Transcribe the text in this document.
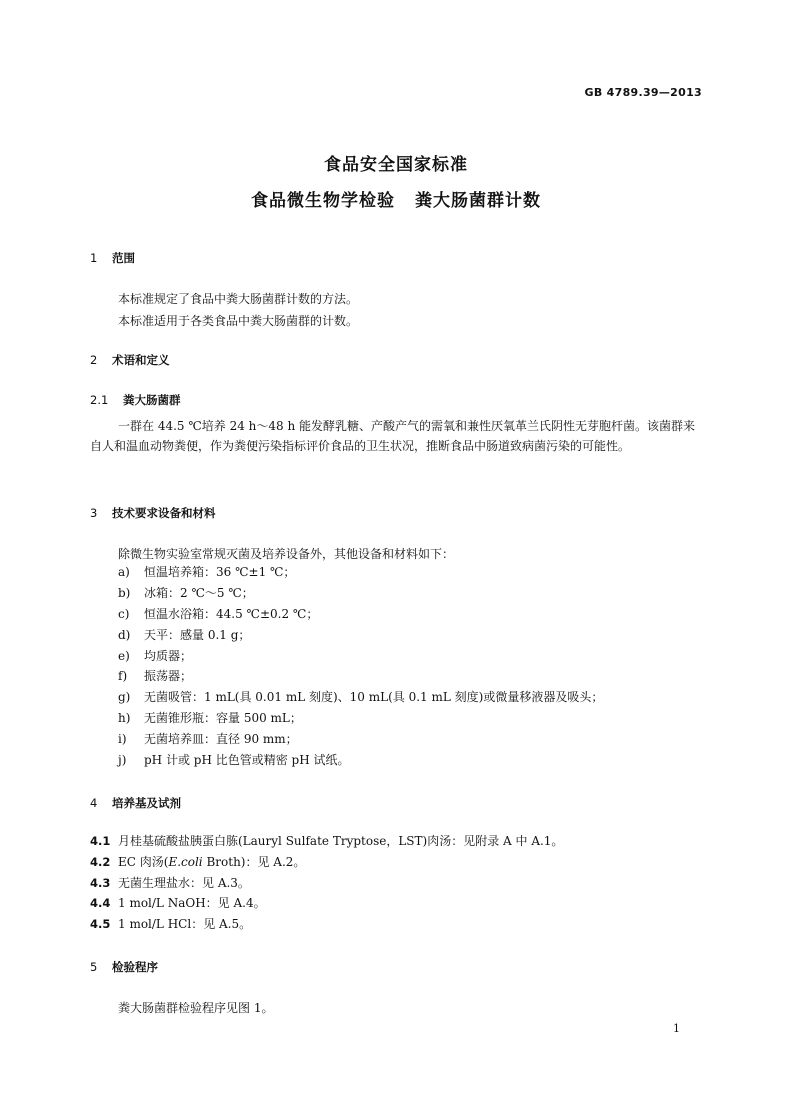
GB 4789.39—2013
食品安全国家标准
食品微生物学检验 粪大肠菌群计数
1 范围
本标准规定了食品中粪大肠菌群计数的方法。
本标准适用于各类食品中粪大肠菌群的计数。
2 术语和定义
2.1 粪大肠菌群
一群在 44.5 ℃培养 24 h～48 h 能发酵乳糖、产酸产气的需氧和兼性厌氧革兰氏阴性无芽胞杆菌。该菌群来自人和温血动物粪便，作为粪便污染指标评价食品的卫生状况，推断食品中肠道致病菌污染的可能性。
3 技术要求设备和材料
除微生物实验室常规灭菌及培养设备外，其他设备和材料如下：
a) 恒温培养箱：36 ℃±1 ℃；
b) 冰箱：2 ℃～5 ℃；
c) 恒温水浴箱：44.5 ℃±0.2 ℃；
d) 天平：感量 0.1 g；
e) 均质器；
f) 振荡器；
g) 无菌吸管：1 mL(具 0.01 mL 刻度)、10 mL(具 0.1 mL 刻度)或微量移液器及吸头；
h) 无菌锥形瓶：容量 500 mL；
i) 无菌培养皿：直径 90 mm；
j) pH 计或 pH 比色管或精密 pH 试纸。
4 培养基及试剂
4.1 月桂基硫酸盐胰蛋白胨(Lauryl Sulfate Tryptose，LST)肉汤：见附录 A 中 A.1。
4.2 EC 肉汤(E.coli Broth)：见 A.2。
4.3 无菌生理盐水：见 A.3。
4.4 1 mol/L NaOH：见 A.4。
4.5 1 mol/L HCl：见 A.5。
5 检验程序
粪大肠菌群检验程序见图 1。
1
